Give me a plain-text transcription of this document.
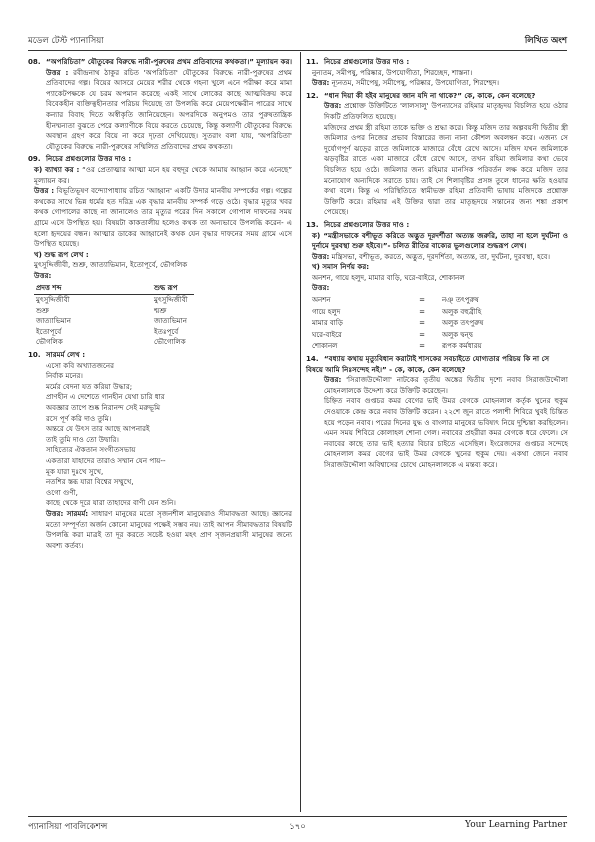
মডেল টেস্ট প্যানাসিয়া	লিখিত অংশ
08. “অপরিচিতা” যৌতুকের বিরুদ্ধে নারী-পুরুষের প্রথম প্রতিবাদের কথকতা।” মূল্যায়ন কর।
উত্তর : রবীন্দ্রনাথ ঠাকুর রচিত 'অপরিচিতা' যৌতুকের বিরুদ্ধে নারী-পুরুষের প্রথম প্রতিবাদের গল্প। বিয়ের আসরে মেয়ের শরীর থেকে গহনা খুলে এনে পরীক্ষা করে মামা প্যাকেটপক্ষকে যে চরম অপমান করেছে একই সাথে লোকের কাছে আত্মবিক্রয় করে বিবেকহীন ব্যক্তিত্বহীনতার পরিচয় দিয়েছে তা উপলব্ধি করে মেয়েপক্ষেরীন পাত্রের সাথে কন্যার বিবাহ দিতে অস্বীকৃতি জানিয়েছেন। অপরদিকে অনুপমও তার পুরুষতান্ত্রিক হীনম্মন্যতা বুঝতে পেরে কল্যাণীকে বিয়ে করতে চেয়েছে, কিন্তু কল্যাণী যৌতুকের বিরুদ্ধে অবস্থান গ্রহণ করে বিয়ে না করে দৃঢ়তা দেখিয়েছে। সুতরাং বলা যায়, 'অপরিচিতা' যৌতুকের বিরুদ্ধে নারী-পুরুষের সম্মিলিত প্রতিবাদের প্রথম কথকতা।
09. নিচের প্রশ্নগুলোর উত্তর দাও :
ক) ব্যাখ্যা কর : “ওর প্রেতাত্মার আত্মা মনে হয় বহুদূর থেকে আমায় আহ্বান করে এনেছে” মূল্যায়ন কর।
উত্তর : বিভূতিভূষণ বন্দ্যোপাধ্যায় রচিত 'আহ্বান' একটি উদার মানবীয় সম্পর্কের গল্প। গল্পের কথকের সাথে ভিন্ন ধর্মের হত দরিদ্র এক বৃদ্ধার মানবীয় সম্পর্ক গড়ে ওঠে। বৃদ্ধার মৃত্যুর খবর কথক গোপালের কাছে না জানালেও তার মৃত্যুর পরের দিন সকালে গোপাল দাফনের সময় গ্রামে এসে উপস্থিত হয়। বিষয়টা কাকতালীয় হলেও কথক তা অন্যভাবে উপলব্ধি করেন- এ হলো হৃদয়ের বন্ধন। আত্মার ডাকের আহ্বানেই কথক যেন বৃদ্ধার দাফনের সময় গ্রামে এসে উপস্থিত হয়েছে।
খ) শুদ্ধ রূপ লেখ :
মুৎসুদ্দিজীবী, শুশ্রু, জাত্যাভিমান, ইতোপূর্বে, ভৌগলিক
উত্তর:
প্রদত্ত শব্দ	শুদ্ধ রূপ
মুৎসুদ্দিজীবী	মুৎসুদ্দিজীবী
শুশ্রু	শ্মশ্রু
জাত্যাভিমান	জাত্যভিমান
ইতোপূর্বে	ইতঃপূর্বে
ভৌগলিক	ভৌগোলিক
10. সারমর্ম লেখ :
এসো কবি অখ্যাতজনের
নির্বাক মনের।
মর্মের বেদনা যত করিয়া উদ্ধার;
প্রাণহীন এ দেশেতে গানহীন যেথা চারি ধার
অবজ্ঞার তাপে শুষ্ক নিরানন্দ সেই মরুভূমি
রসে পূর্ণ করি দাও তুমি।
অন্তরে যে উৎস তার আছে আপনারই
তাই তুমি দাও তো উদ্বারি।
সাহিত্যের ঐকতান সংগীতসভায়
একতারা যাহাদের তারাও সম্মান যেন পায়--
মূক যারা দুঃখে সুখে,
নতশির স্তব্ধ যারা বিশ্বের সম্মুখে,
ওগো গুণী,
কাছে থেকে দূরে যারা তাহাদের বাণী যেন শুনি।
উত্তর: সারমর্ম: সাধারণ মানুষের মতো সৃজনশীল মানুষেরাও সীমাবদ্ধতা আছে। জ্ঞানের মতো সম্পূর্ণতা অর্জন কোনো মানুষের পক্ষেই সম্ভব নয়। তাই আপন সীমাবদ্ধতার বিষয়টি উপলব্ধি করা মাত্রই তা দূর করতে সচেষ্ট হওয়া মহৎ প্রাণ সৃজনপ্রয়াসী মানুষের জন্যে অবশ্য কর্তব্য।
11. নিচের প্রশ্নগুলোর উত্তর দাও :
নুন্যতম, সমীপষু, পরিষ্কার, উপযোগীতা, শিরচ্ছেদ, শাস্তনা।
উত্তর: ন্যূনতম, সমীপেষু, সমীপেষু, পরিষ্কার, উপযোগিতা, শিরশ্ছেদ।
12. “ধান দিয়া কী হইব মানুষের জান যদি না থাকে?” কে, কাকে, কেন বলেছে?
উত্তর: প্রশ্নোক্ত উক্তিটিতে 'লালসালু' উপন্যাসের রহিমার মাতৃহৃদয় বিচলিত হয়ে ওঠার দিকটি প্রতিফলিত হয়েছে।
মজিদের প্রথম স্ত্রী রহিমা তাকে ভক্তি ও শ্রদ্ধা করে। কিন্তু মজিদ তার অল্পবয়সী দ্বিতীয় স্ত্রী জমিলার ওপর নিজের প্রভাব বিস্তারের জন্য নানা কৌশল অবলম্বন করে। এজন্য সে দুর্যোগপূর্ণ ঝড়ের রাতে জমিলাকে মাজারে বেঁধে রেখে আসে। মজিদ যখন জমিলাকে ঝড়বৃষ্টির রাতে একা মাজারে বেঁধে রেখে আসে, তখন রহিমা জমিলার কথা ভেবে বিচলিত হয়ে ওঠে। জমিলার জন্য রহিমার মানসিক পরিবর্তন লক্ষ করে মজিদ তার মনোযোগ অন্যদিকে সরাতে চায়। তাই সে শিলাবৃষ্টির প্রসঙ্গ তুলে ধানের ক্ষতি হওয়ার কথা বলে। কিন্তু এ পরিস্থিতিতে স্বামীভক্ত রহিমা প্রতিবাদী ভাষায় মজিদকে প্রশ্নোক্ত উক্তিটি করে। রহিমার এই উক্তির দ্বারা তার মাতৃহৃদয়ে সন্তানের জন্য শঙ্কা প্রকাশ পেয়েছে।
13. নিচের প্রশ্নগুলোর উত্তর দাও :
ক) “মন্ত্রীসভাকে বশীভূত করিতে অদ্ভুত দূরদর্শীতা অত্যন্ত জরুরি, তাহা না হলে দুর্ঘটনা ও দুর্নামে দুরবস্থা শুরু হইবে।”- চলিত রীতির বাক্যের ভুলগুলোর শুদ্ধরূপ লেখ।
উত্তর: মন্ত্রিসভা, বশীভূত, করতে, অদ্ভুত, দূরদর্শিতা, অত্যন্ত, তা, দুর্ঘটনা, দুরবস্থা, হবে।
খ) সমাস নির্ণয় কর:
অনশন, গায়ে হলুদ, মামার বাড়ি, ঘরে-বাইরে, শোকানল
উত্তর:
অনশন	=	নঞ্‌ তৎপুরুষ
গায়ে হলুদ	=	অলুক বহুব্রীহি
মামার বাড়ি	=	অলুক তৎপুরুষ
ঘরে-বাইরে	=	অলুক দ্বন্দ্ব
শোকানল	=	রূপক কর্মধারয়
14. “বধ্যায় কথায় মৃত্যুবিধান করাটাই শাসকের সবচাইতে যোগ্যতার পরিচয় কি না সে বিষয়ে আমি নিঃসন্দেহ নই।” - কে, কাকে, কেন বলেছে?
উত্তর: 'সিরাজউদ্দৌলা' নাটকের তৃতীয় অঙ্কের দ্বিতীয় দৃশ্যে নবাব সিরাজউদ্দৌলা মোহনলালকে উদ্দেশ্য করে উক্তিটি করেছেন।
চিহ্নিত নবাব গুপ্তচর কমর বেগের ভাই উমর বেগকে মোহনলাল কর্তৃক খুনের হুকুম দেওয়াকে কেন্দ্র করে নবাব উক্তিটি করেন। ২২শে জুন রাতে পলাশী শিবিরে খুবই চিন্তিত হয়ে পড়েন নবাব। পরের দিনের যুদ্ধ ও বাংলার মানুষের ভবিষ্যৎ নিয়ে দুশ্চিন্তা করছিলেন। এমন সময় শিবিরে কোলাহল শোনা গেল। নবাবের প্রহরীরা কমর বেগকে ধরে ফেলে। সে নবাবের কাছে তার ভাই হত্যার বিচার চাইতে এসেছিল। ইংরেজদের গুপ্তচর সন্দেহে মোহনলাল কমর বেগের ভাই উমর বেগকে খুনের হুকুম দেয়। একথা জেনে নবাব সিরাজউদ্দৌলা অবিশ্বাসের চোখে মোহনলালকে এ মন্তব্য করে।
প্যানাসিয়া পাবলিকেশন্স	১৭০	Your Learning Partner
